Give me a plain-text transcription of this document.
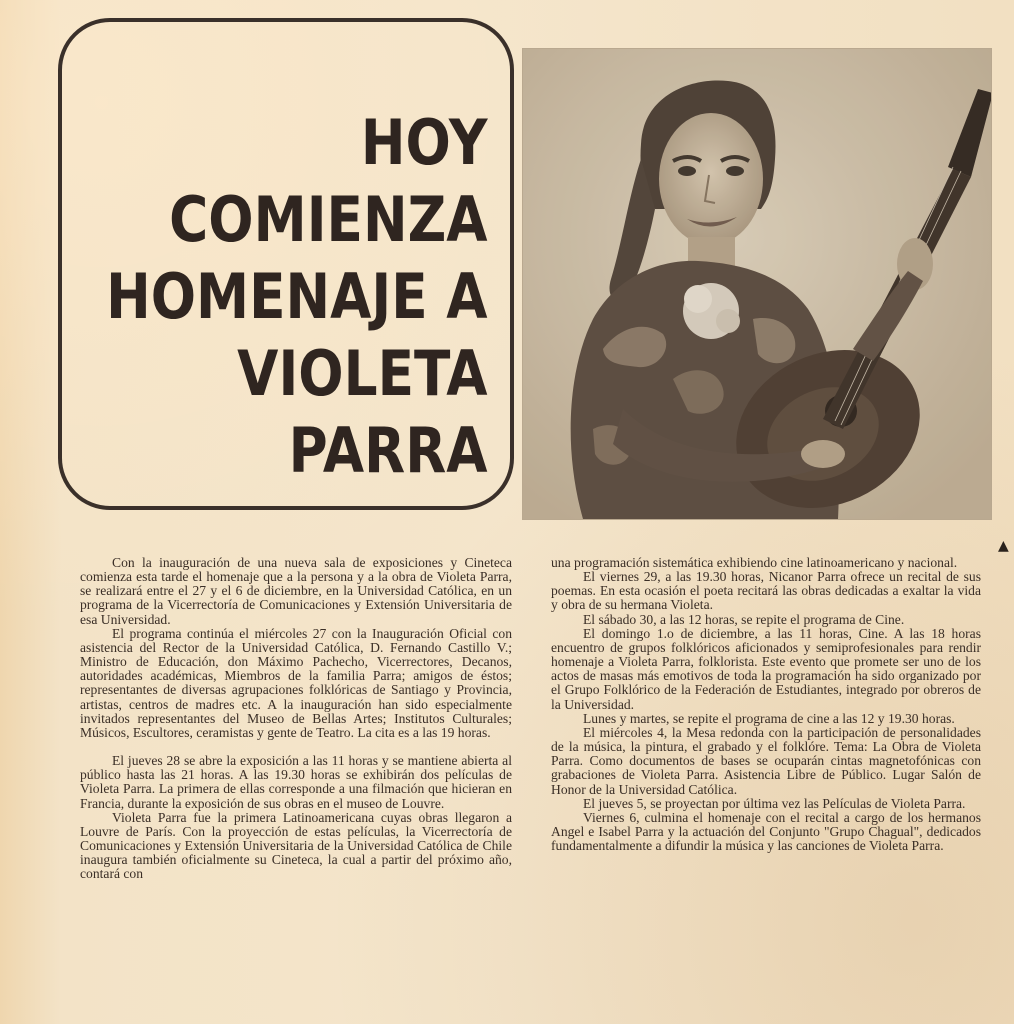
HOY
COMIENZA
HOMENAJE A
VIOLETA
PARRA

Con la inauguración de una nueva sala de exposiciones y Cineteca comienza esta tarde el homenaje que a la persona y a la obra de Violeta Parra, se realizará entre el 27 y el 6 de diciembre, en la Universidad Católica, en un programa de la Vicerrectoría de Comunicaciones y Extensión Universitaria de esa Universidad.

El programa continúa el miércoles 27 con la Inauguración Oficial con asistencia del Rector de la Universidad Católica, D. Fernando Castillo V.; Ministro de Educación, don Máximo Pachecho, Vicerrectores, Decanos, autoridades académicas, Miembros de la familia Parra; amigos de éstos; representantes de diversas agrupaciones folklóricas de Santiago y Provincia, artistas, centros de madres etc. A la inauguración han sido especialmente invitados representantes del Museo de Bellas Artes; Institutos Culturales; Músicos, Escultores, ceramistas y gente de Teatro. La cita es a las 19 horas.

El jueves 28 se abre la exposición a las 11 horas y se mantiene abierta al público hasta las 21 horas. A las 19.30 horas se exhibirán dos películas de Violeta Parra. La primera de ellas corresponde a una filmación que hicieran en Francia, durante la exposición de sus obras en el museo de Louvre.

Violeta Parra fue la primera Latinoamericana cuyas obras llegaron a Louvre de París. Con la proyección de estas películas, la Vicerrectoría de Comunicaciones y Extensión Universitaria de la Universidad Católica de Chile inaugura también oficialmente su Cineteca, la cual a partir del próximo año, contará con

una programación sistemática exhibiendo cine latinoamericano y nacional.

El viernes 29, a las 19.30 horas, Nicanor Parra ofrece un recital de sus poemas. En esta ocasión el poeta recitará las obras dedicadas a exaltar la vida y obra de su hermana Violeta.

El sábado 30, a las 12 horas, se repite el programa de Cine.

El domingo 1.o de diciembre, a las 11 horas, Cine. A las 18 horas encuentro de grupos folklóricos aficionados y semiprofesionales para rendir homenaje a Violeta Parra, folklorista. Este evento que promete ser uno de los actos de masas más emotivos de toda la programación ha sido organizado por el Grupo Folklórico de la Federación de Estudiantes, integrado por obreros de la Universidad.

Lunes y martes, se repite el programa de cine a las 12 y 19.30 horas.

El miércoles 4, la Mesa redonda con la participación de personalidades de la música, la pintura, el grabado y el folklóre. Tema: La Obra de Violeta Parra. Como documentos de bases se ocuparán cintas magnetofónicas con grabaciones de Violeta Parra. Asistencia Libre de Público. Lugar Salón de Honor de la Universidad Católica.

El jueves 5, se proyectan por última vez las Películas de Violeta Parra.

Viernes 6, culmina el homenaje con el recital a cargo de los hermanos Angel e Isabel Parra y la actuación del Conjunto "Grupo Chagual", dedicados fundamentalmente a difundir la música y las canciones de Violeta Parra.

▲
